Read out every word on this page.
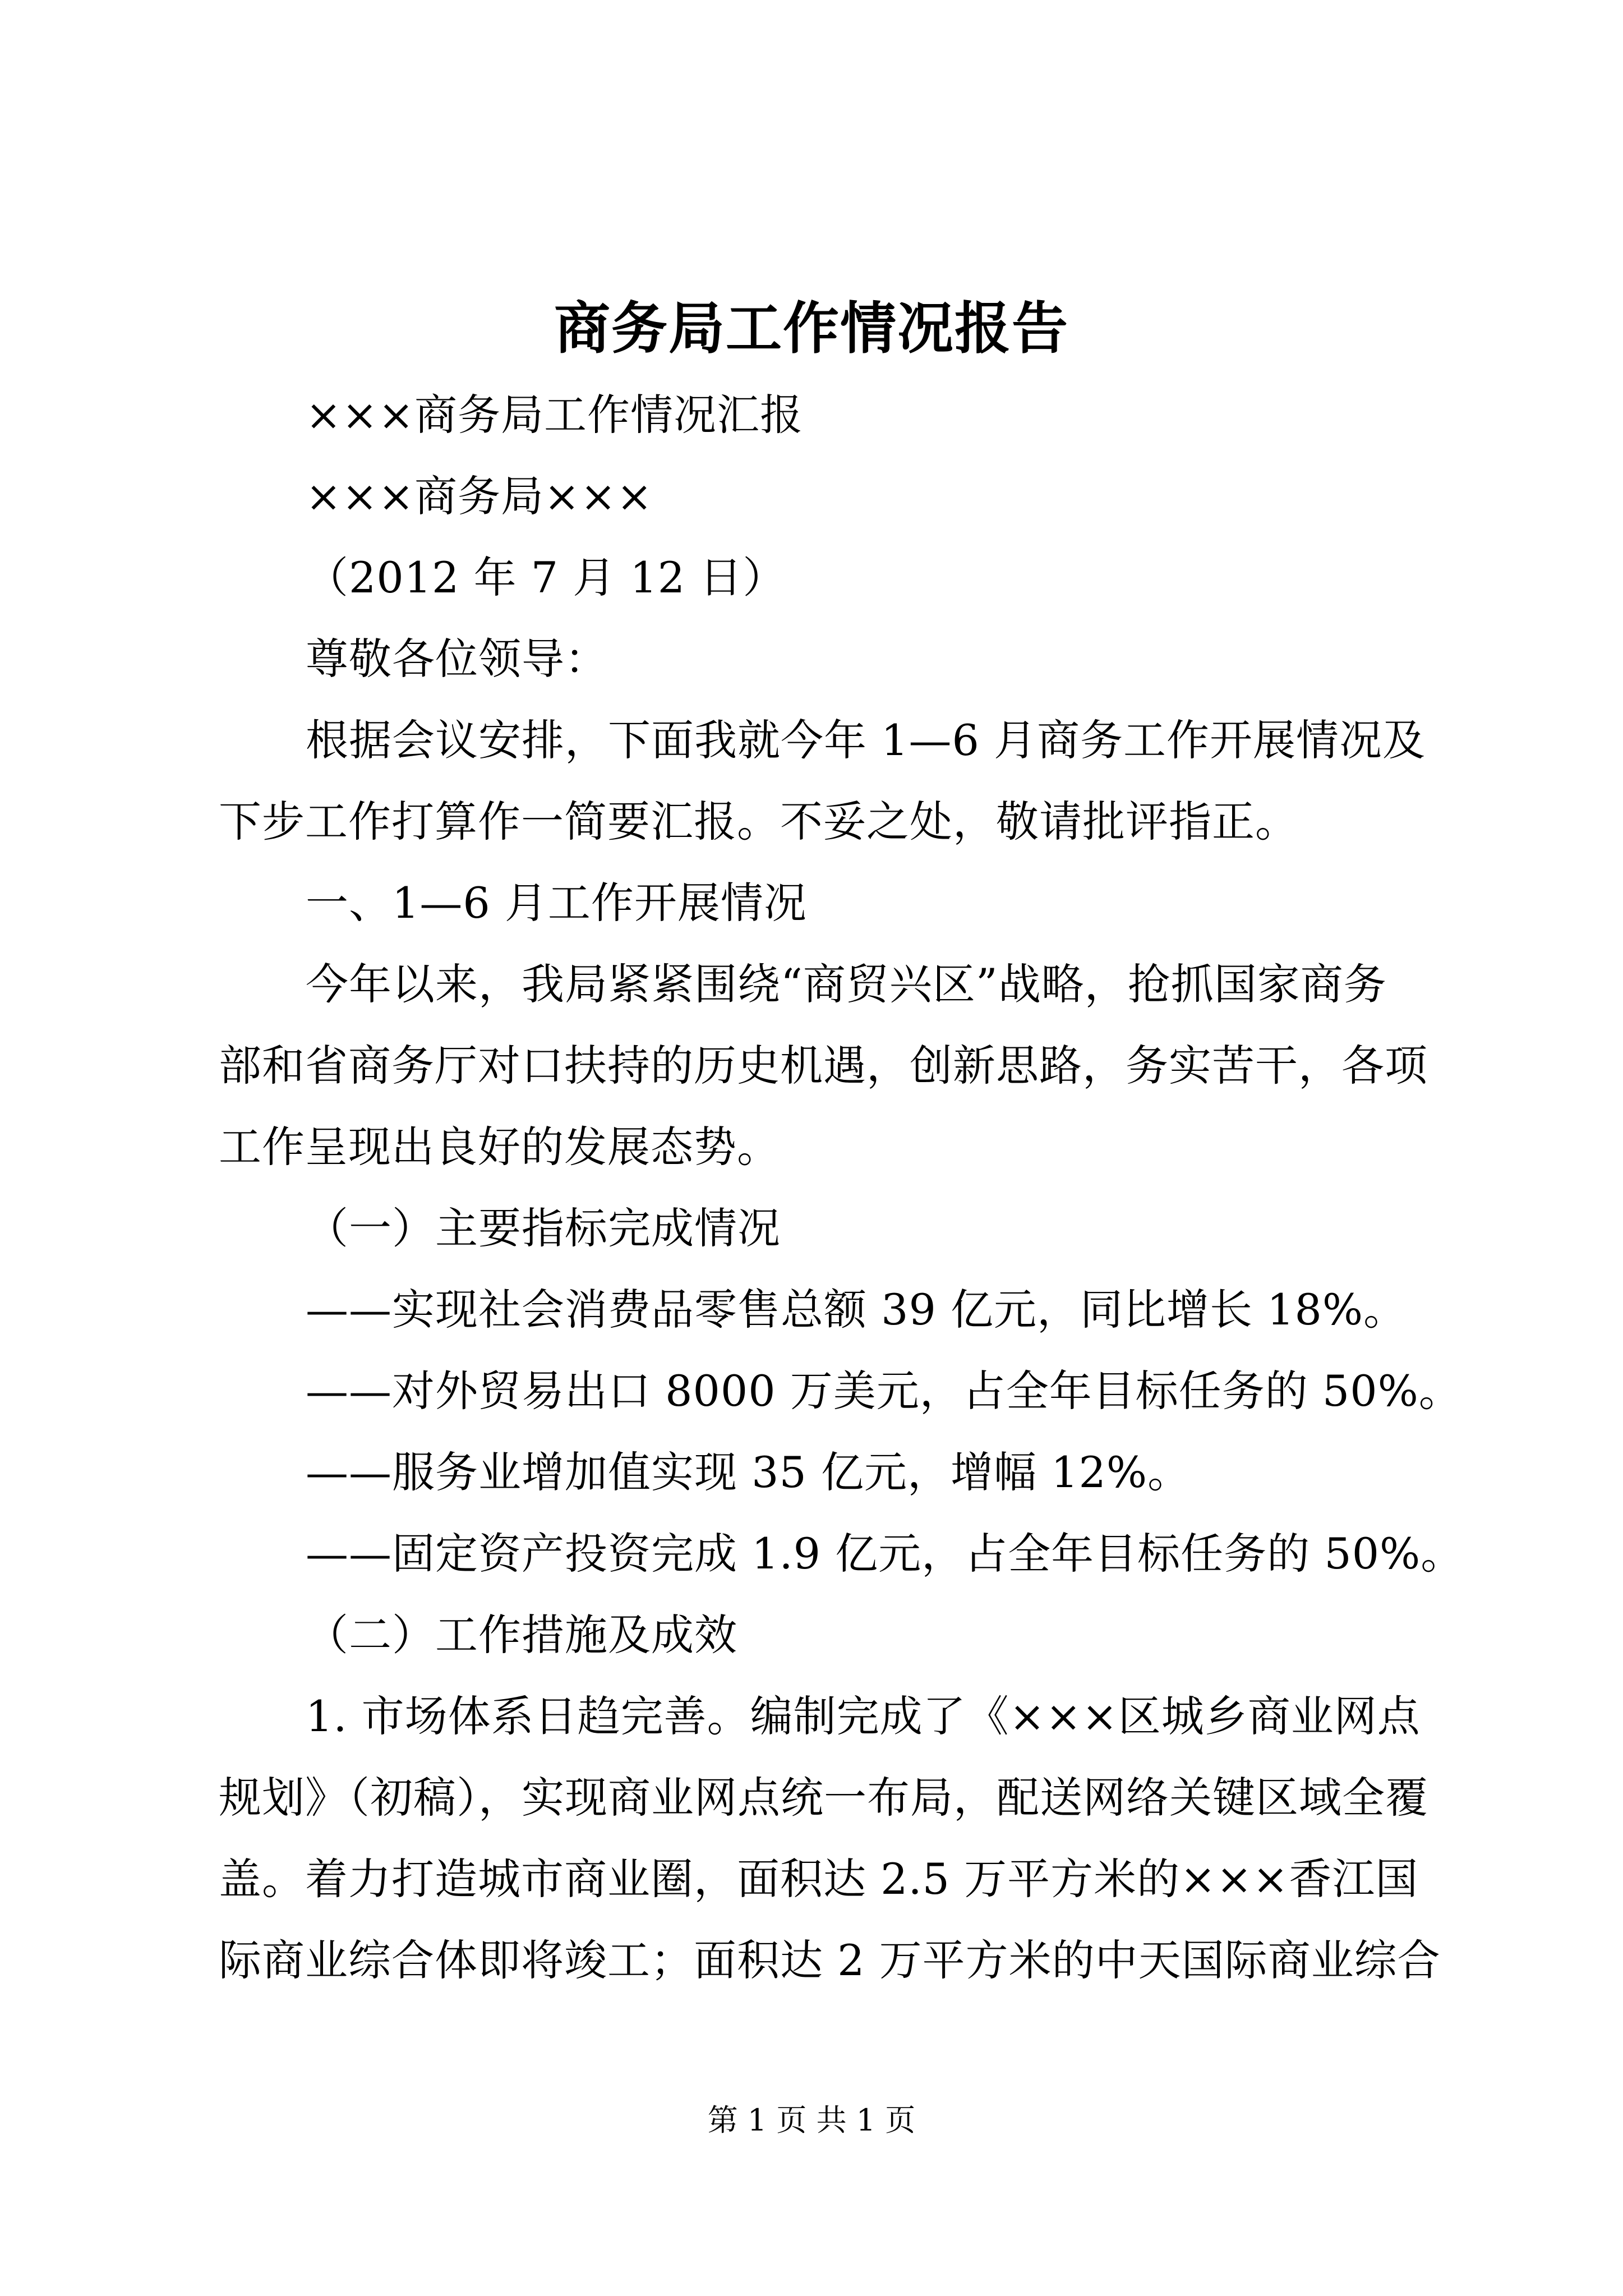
商务局工作情况报告
×××商务局工作情况汇报
×××商务局×××
（2012 年 7 月 12 日）
尊敬各位领导：
根据会议安排，下面我就今年 1—6 月商务工作开展情况及
下步工作打算作一简要汇报。不妥之处，敬请批评指正。
一、1—6 月工作开展情况
今年以来，我局紧紧围绕“商贸兴区”战略，抢抓国家商务
部和省商务厅对口扶持的历史机遇，创新思路，务实苦干，各项
工作呈现出良好的发展态势。
（一）主要指标完成情况
——实现社会消费品零售总额 39 亿元，同比增长 18%。
——对外贸易出口 8000 万美元，占全年目标任务的 50%。
——服务业增加值实现 35 亿元，增幅 12%。
——固定资产投资完成 1.9 亿元，占全年目标任务的 50%。
（二）工作措施及成效
1. 市场体系日趋完善。编制完成了《×××区城乡商业网点
规划》（初稿），实现商业网点统一布局，配送网络关键区域全覆
盖。着力打造城市商业圈，面积达 2.5 万平方米的×××香江国
际商业综合体即将竣工；面积达 2 万平方米的中天国际商业综合
第 1 页 共 1 页
